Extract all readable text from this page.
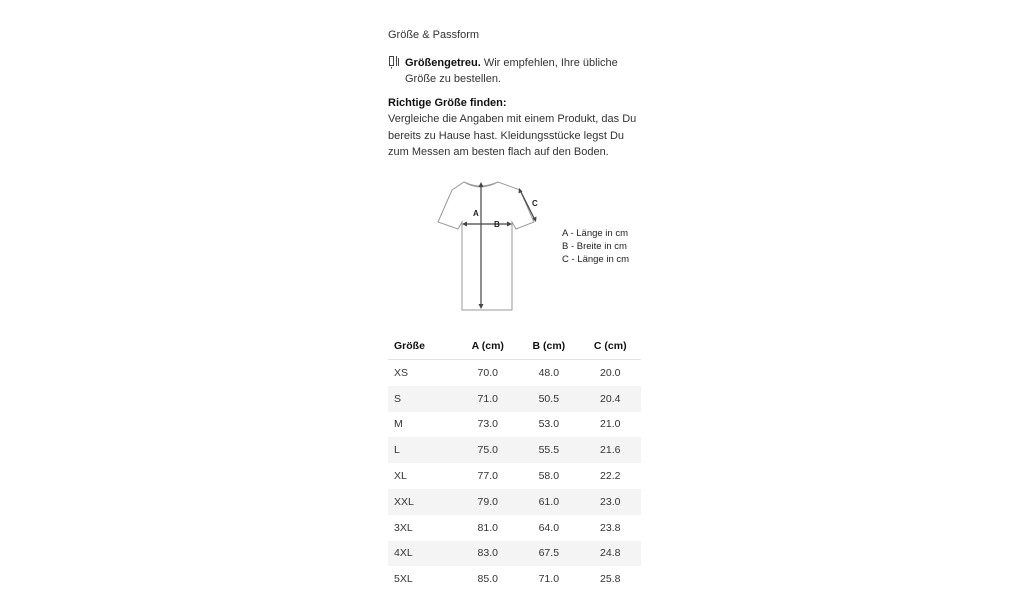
Größe & Passform
Größengetreu. Wir empfehlen, Ihre übliche
Größe zu bestellen.
Richtige Größe finden:
Vergleiche die Angaben mit einem Produkt, das Du
bereits zu Hause hast. Kleidungsstücke legst Du
zum Messen am besten flach auf den Boden.
A
B
C
A - Länge in cm
B - Breite in cm
C - Länge in cm
Größe	A (cm)	B (cm)	C (cm)
XS	70.0	48.0	20.0
S	71.0	50.5	20.4
M	73.0	53.0	21.0
L	75.0	55.5	21.6
XL	77.0	58.0	22.2
XXL	79.0	61.0	23.0
3XL	81.0	64.0	23.8
4XL	83.0	67.5	24.8
5XL	85.0	71.0	25.8
